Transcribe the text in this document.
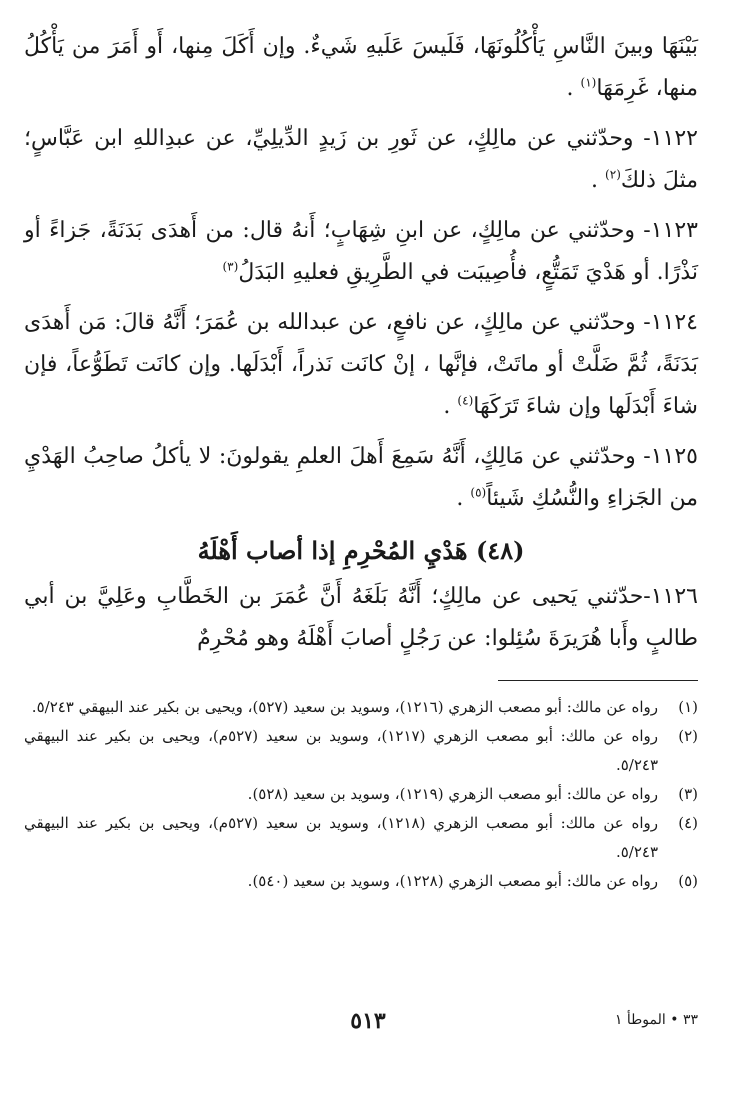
بَيْنَهَا وبينَ النَّاسِ يَأْكُلُونَهَا، فَلَيسَ عَلَيهِ شَيءٌ. وإن أَكَلَ مِنها، أَو أَمَرَ من يَأْكُلُ منها، غَرِمَهَا$^{(١)}$ .
١١٢٢- وحدّثني عن مالِكٍ، عن ثَورِ بن زَيدٍ الدِّيلِيِّ، عن عبدِاللهِ ابن عَبَّاسٍ؛ مثلَ ذلكَ$^{(٢)}$ .
١١٢٣- وحدّثني عن مالِكٍ، عن ابنِ شِهَابٍ؛ أَنهُ قال: من أَهدَى بَدَنَةً، جَزاءً أو نَذْرًا. أو هَدْيَ تَمَتُّعٍ، فأُصِيبَت في الطَّرِيقِ فعليهِ البَدَلُ$^{(٣)}$
١١٢٤- وحدّثني عن مالِكٍ، عن نافعٍ، عن عبدالله بن عُمَرَ؛ أَنَّهُ قالَ: مَن أَهدَى بَدَنَةً، ثُمَّ ضَلَّتْ أو ماتَتْ، فإنَّها ، إنْ كانَت نَذراً، أَبْدَلَها. وإن كانَت تَطَوُّعاً، فإن شاءَ أَبْدَلَها وإن شاءَ تَرَكَهَا$^{(٤)}$ .
١١٢٥- وحدّثني عن مَالِكٍ، أَنَّهُ سَمِعَ أَهلَ العلمِ يقولونَ: لا يأكلُ صاحِبُ الهَدْيِ من الجَزاءِ والنُّسُكِ شَيئاً$^{(٥)}$ .
(٤٨) هَدْيِ المُحْرِمِ إذا أصاب أَهْلَهُ
١١٢٦-حدّثني يَحيى عن مالِكٍ؛ أَنَّهُ بَلَغَهُ أَنَّ عُمَرَ بن الخَطَّابِ وعَلِيَّ بن أبي طالبٍ وأَبا هُرَيرَةَ سُئِلوا: عن رَجُلٍ أصابَ أَهْلَهُ وهو مُحْرِمٌ
(١)
رواه عن مالك: أبو مصعب الزهري (١٢١٦)، وسويد بن سعيد (٥٢٧)، ويحيى بن بكير عند البيهقي ٥/٢٤٣.
(٢)
رواه عن مالك: أبو مصعب الزهري (١٢١٧)، وسويد بن سعيد (٥٢٧م)، ويحيى بن بكير عند البيهقي ٥/٢٤٣.
(٣)
رواه عن مالك: أبو مصعب الزهري (١٢١٩)، وسويد بن سعيد (٥٢٨).
(٤)
رواه عن مالك: أبو مصعب الزهري (١٢١٨)، وسويد بن سعيد (٥٢٧م)، ويحيى بن بكير عند البيهقي ٥/٢٤٣.
(٥)
رواه عن مالك: أبو مصعب الزهري (١٢٢٨)، وسويد بن سعيد (٥٤٠).
٥١٣	٣٣ • الموطأ ١
